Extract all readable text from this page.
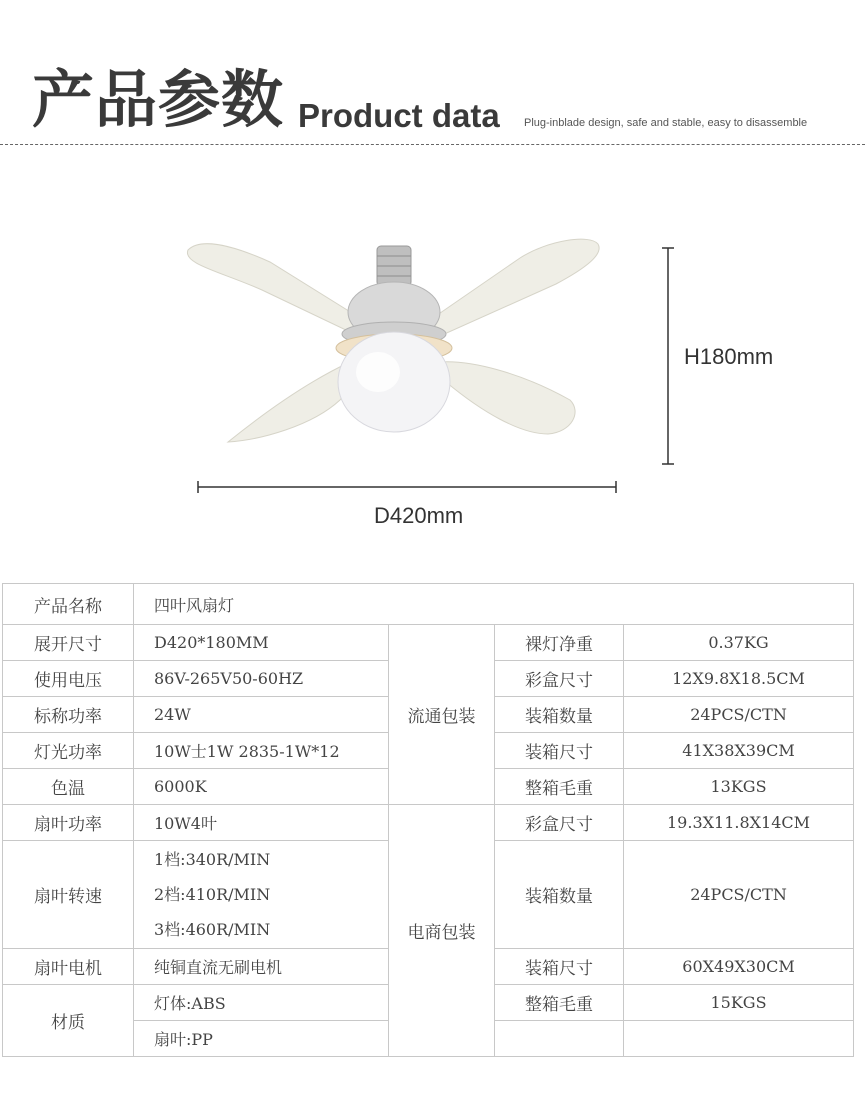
产品参数 Product data Plug-inblade design, safe and stable, easy to disassemble
H180mm
D420mm
产品名称	四叶风扇灯			
展开尺寸	D420*180MM	流通包装	裸灯净重	0.37KG
使用电压	86V-265V50-60HZ		彩盒尺寸	12X9.8X18.5CM
标称功率	24W		装箱数量	24PCS/CTN
灯光功率	10W士1W 2835-1W*12		装箱尺寸	41X38X39CM
色温	6000K		整箱毛重	13KGS
扇叶功率	10W4叶	电商包装	彩盒尺寸	19.3X11.8X14CM
扇叶转速	1档:340R/MIN
2档:410R/MIN
3档:460R/MIN		装箱数量	24PCS/CTN
扇叶电机	纯铜直流无刷电机		装箱尺寸	60X49X30CM
材质	灯体:ABS		整箱毛重	15KGS
	扇叶:PP			
